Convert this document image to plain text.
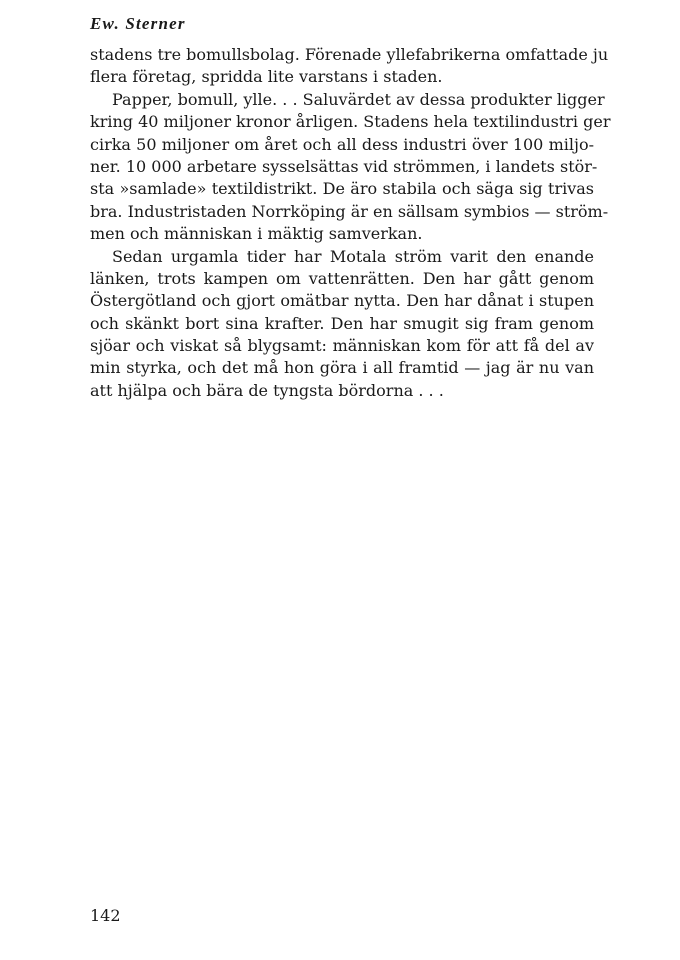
Ew. Sterner

stadens tre bomullsbolag. Förenade yllefabrikerna omfattade ju
flera företag, spridda lite varstans i staden.
Papper, bomull, ylle. . . Saluvärdet av dessa produkter ligger
kring 40 miljoner kronor årligen. Stadens hela textilindustri ger
cirka 50 miljoner om året och all dess industri över 100 miljo-
ner. 10 000 arbetare sysselsättas vid strömmen, i landets stör-
sta »samlade» textildistrikt. De äro stabila och säga sig trivas
bra. Industristaden Norrköping är en sällsam symbios — ström-
men och människan i mäktig samverkan.
Sedan urgamla tider har Motala ström varit den enande
länken, trots kampen om vattenrätten. Den har gått genom
Östergötland och gjort omätbar nytta. Den har dånat i stupen
och skänkt bort sina krafter. Den har smugit sig fram genom
sjöar och viskat så blygsamt: människan kom för att få del av
min styrka, och det må hon göra i all framtid — jag är nu van
att hjälpa och bära de tyngsta bördorna . . .

142
